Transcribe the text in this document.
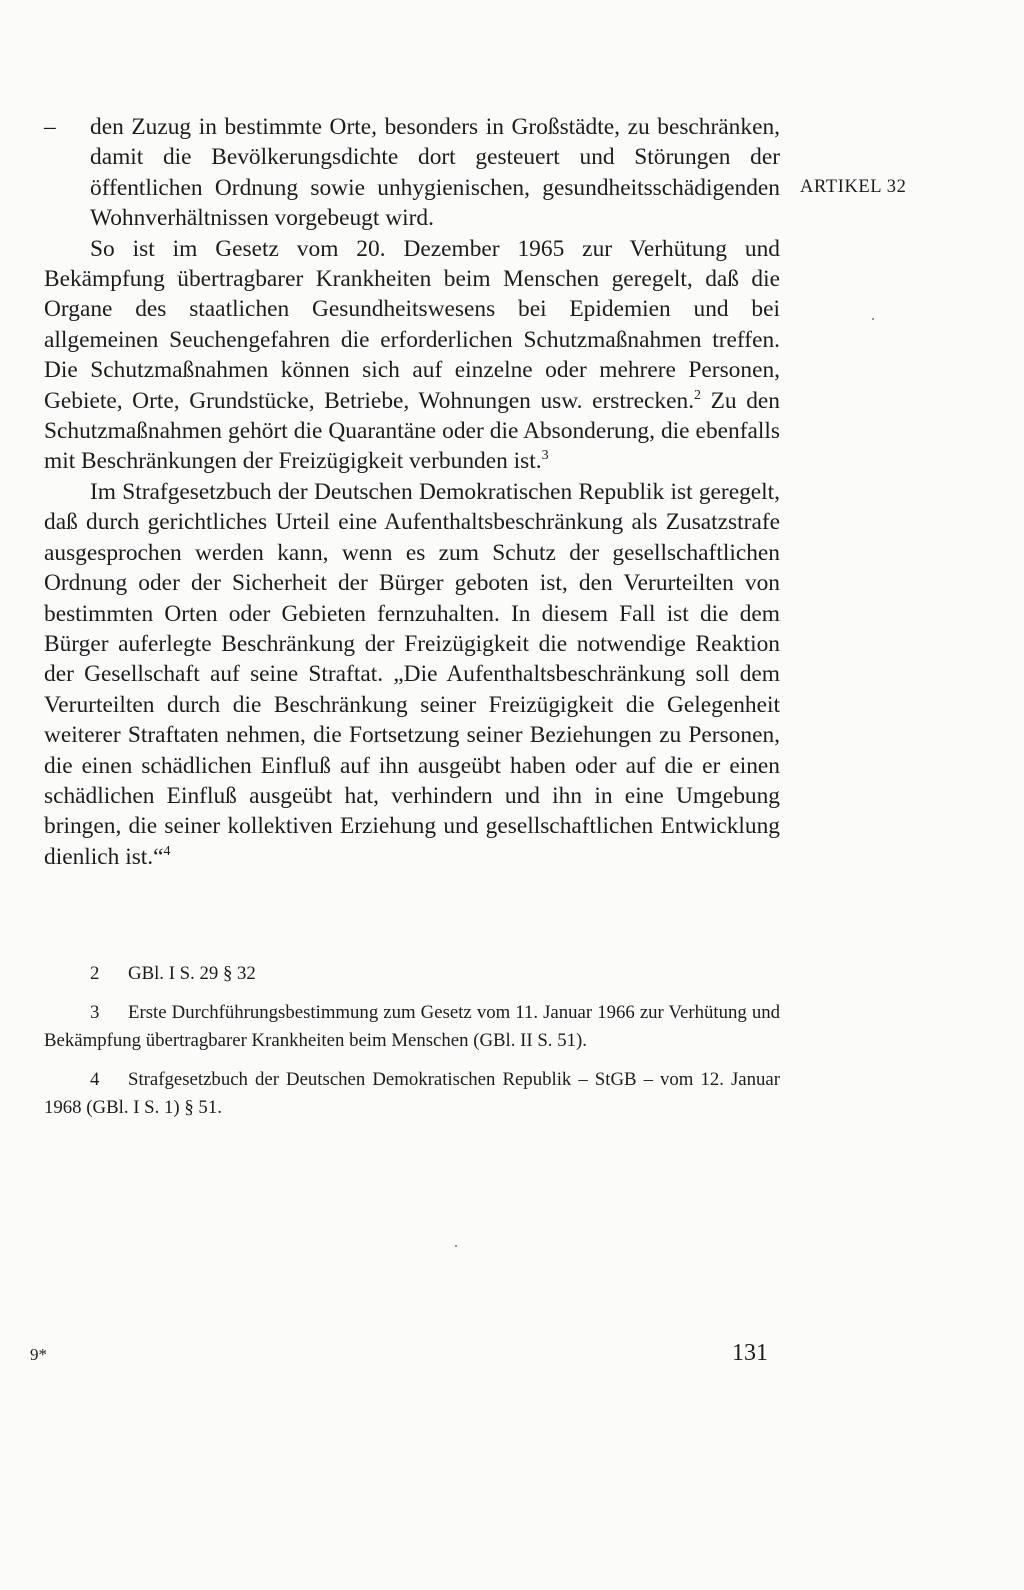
– den Zuzug in bestimmte Orte, besonders in Großstädte, zu beschränken, damit die Bevölkerungsdichte dort gesteuert und Störungen der öffentlichen Ordnung sowie unhygienischen, gesundheitsschädigenden Wohnverhältnissen vorgebeugt wird.

So ist im Gesetz vom 20. Dezember 1965 zur Verhütung und Bekämpfung übertragbarer Krankheiten beim Menschen geregelt, daß die Organe des staatlichen Gesundheitswesens bei Epidemien und bei allgemeinen Seuchengefahren die erforderlichen Schutzmaßnahmen treffen. Die Schutzmaßnahmen können sich auf einzelne oder mehrere Personen, Gebiete, Orte, Grundstücke, Betriebe, Wohnungen usw. erstrecken.$^2$ Zu den Schutzmaßnahmen gehört die Quarantäne oder die Absonderung, die ebenfalls mit Beschränkungen der Freizügigkeit verbunden ist.$^3$

Im Strafgesetzbuch der Deutschen Demokratischen Republik ist geregelt, daß durch gerichtliches Urteil eine Aufenthaltsbeschränkung als Zusatzstrafe ausgesprochen werden kann, wenn es zum Schutz der gesellschaftlichen Ordnung oder der Sicherheit der Bürger geboten ist, den Verurteilten von bestimmten Orten oder Gebieten fernzuhalten. In diesem Fall ist die dem Bürger auferlegte Beschränkung der Freizügigkeit die notwendige Reaktion der Gesellschaft auf seine Straftat. „Die Aufenthaltsbeschränkung soll dem Verurteilten durch die Beschränkung seiner Freizügigkeit die Gelegenheit weiterer Straftaten nehmen, die Fortsetzung seiner Beziehungen zu Personen, die einen schädlichen Einfluß auf ihn ausgeübt haben oder auf die er einen schädlichen Einfluß ausgeübt hat, verhindern und ihn in eine Umgebung bringen, die seiner kollektiven Erziehung und gesellschaftlichen Entwicklung dienlich ist.“$^4$

ARTIKEL 32

2 GBl. I S. 29 § 32

3 Erste Durchführungsbestimmung zum Gesetz vom 11. Januar 1966 zur Verhütung und Bekämpfung übertragbarer Krankheiten beim Menschen (GBl. II S. 51).

4 Strafgesetzbuch der Deutschen Demokratischen Republik – StGB – vom 12. Januar 1968 (GBl. I S. 1) § 51.

9*	131
